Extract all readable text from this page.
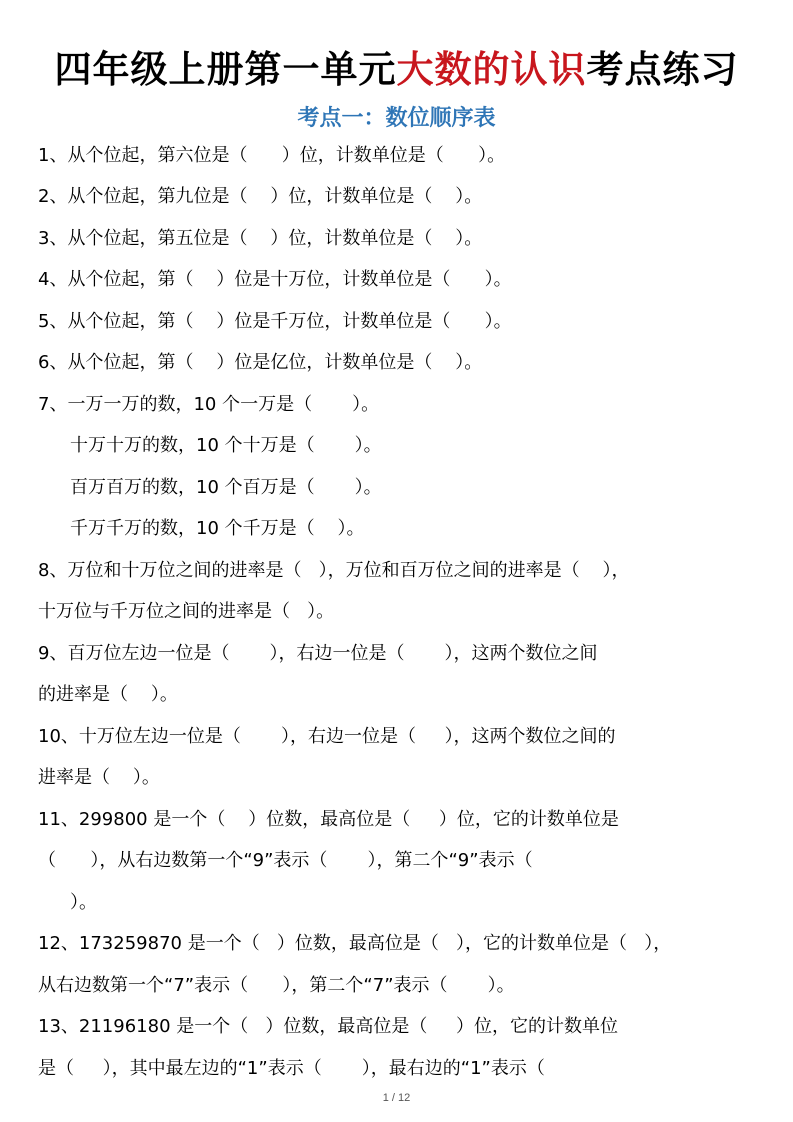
四年级上册第一单元大数的认识考点练习
考点一：数位顺序表
1、从个位起，第六位是（      ）位，计数单位是（      ）。
2、从个位起，第九位是（    ）位，计数单位是（    ）。
3、从个位起，第五位是（    ）位，计数单位是（    ）。
4、从个位起，第（    ）位是十万位，计数单位是（      ）。
5、从个位起，第（    ）位是千万位，计数单位是（      ）。
6、从个位起，第（    ）位是亿位，计数单位是（    ）。
7、一万一万的数，10 个一万是（       ）。
十万十万的数，10 个十万是（       ）。
百万百万的数，10 个百万是（       ）。
千万千万的数，10 个千万是（    ）。
8、万位和十万位之间的进率是（   ），万位和百万位之间的进率是（    ），
十万位与千万位之间的进率是（   ）。
9、百万位左边一位是（       ），右边一位是（       ），这两个数位之间
的进率是（    ）。
10、十万位左边一位是（       ），右边一位是（     ），这两个数位之间的
进率是（    ）。
11、299800 是一个（    ）位数，最高位是（     ）位，它的计数单位是
（      ），从右边数第一个“9”表示（       ），第二个“9”表示（
）。
12、173259870 是一个（   ）位数，最高位是（   ），它的计数单位是（   ），
从右边数第一个“7”表示（      ），第二个“7”表示（       ）。
13、21196180 是一个（   ）位数，最高位是（     ）位，它的计数单位
是（     ），其中最左边的“1”表示（       ），最右边的“1”表示（
1 / 12
